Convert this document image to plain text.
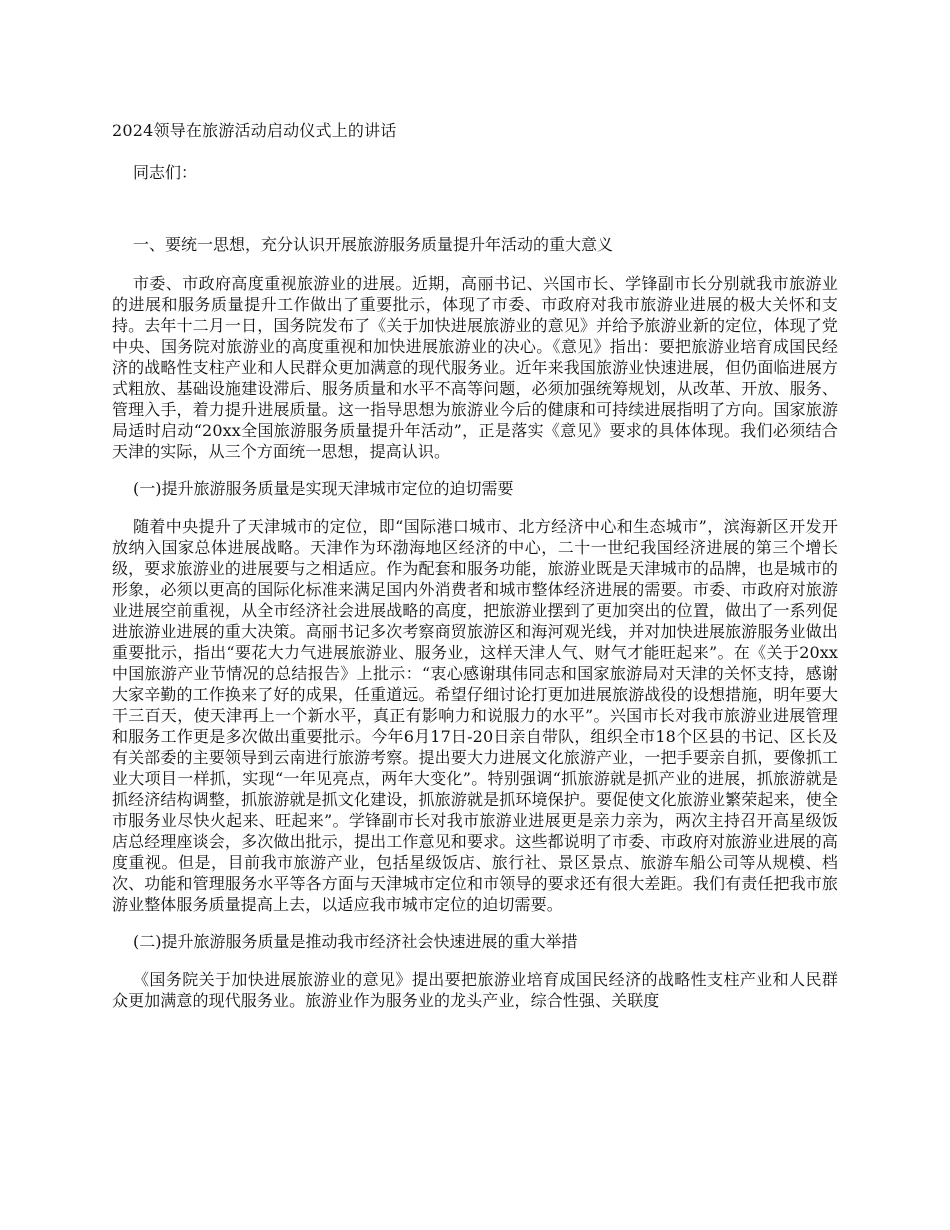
2024领导在旅游活动启动仪式上的讲话

同志们：

一、要统一思想，充分认识开展旅游服务质量提升年活动的重大意义

市委、市政府高度重视旅游业的进展。近期，高丽书记、兴国市长、学锋副市长分别就我市旅游业的进展和服务质量提升工作做出了重要批示，体现了市委、市政府对我市旅游业进展的极大关怀和支持。去年十二月一日，国务院发布了《关于加快进展旅游业的意见》并给予旅游业新的定位，体现了党中央、国务院对旅游业的高度重视和加快进展旅游业的决心。《意见》指出：要把旅游业培育成国民经济的战略性支柱产业和人民群众更加满意的现代服务业。近年来我国旅游业快速进展，但仍面临进展方式粗放、基础设施建设滞后、服务质量和水平不高等问题，必须加强统筹规划，从改革、开放、服务、管理入手，着力提升进展质量。这一指导思想为旅游业今后的健康和可持续进展指明了方向。国家旅游局适时启动“20xx全国旅游服务质量提升年活动”，正是落实《意见》要求的具体体现。我们必须结合天津的实际，从三个方面统一思想，提高认识。

(一)提升旅游服务质量是实现天津城市定位的迫切需要

随着中央提升了天津城市的定位，即“国际港口城市、北方经济中心和生态城市”，滨海新区开发开放纳入国家总体进展战略。天津作为环渤海地区经济的中心，二十一世纪我国经济进展的第三个增长级，要求旅游业的进展要与之相适应。作为配套和服务功能，旅游业既是天津城市的品牌，也是城市的形象，必须以更高的国际化标准来满足国内外消费者和城市整体经济进展的需要。市委、市政府对旅游业进展空前重视，从全市经济社会进展战略的高度，把旅游业摆到了更加突出的位置，做出了一系列促进旅游业进展的重大决策。高丽书记多次考察商贸旅游区和海河观光线，并对加快进展旅游服务业做出重要批示，指出“要花大力气进展旅游业、服务业，这样天津人气、财气才能旺起来”。在《关于20xx中国旅游产业节情况的总结报告》上批示：“衷心感谢琪伟同志和国家旅游局对天津的关怀支持，感谢大家辛勤的工作换来了好的成果，任重道远。希望仔细讨论打更加进展旅游战役的设想措施，明年要大干三百天，使天津再上一个新水平，真正有影响力和说服力的水平”。兴国市长对我市旅游业进展管理和服务工作更是多次做出重要批示。今年6月17日-20日亲自带队，组织全市18个区县的书记、区长及有关部委的主要领导到云南进行旅游考察。提出要大力进展文化旅游产业，一把手要亲自抓，要像抓工业大项目一样抓，实现“一年见亮点，两年大变化”。特别强调“抓旅游就是抓产业的进展，抓旅游就是抓经济结构调整，抓旅游就是抓文化建设，抓旅游就是抓环境保护。要促使文化旅游业繁荣起来，使全市服务业尽快火起来、旺起来”。学锋副市长对我市旅游业进展更是亲力亲为，两次主持召开高星级饭店总经理座谈会，多次做出批示，提出工作意见和要求。这些都说明了市委、市政府对旅游业进展的高度重视。但是，目前我市旅游产业，包括星级饭店、旅行社、景区景点、旅游车船公司等从规模、档次、功能和管理服务水平等各方面与天津城市定位和市领导的要求还有很大差距。我们有责任把我市旅游业整体服务质量提高上去，以适应我市城市定位的迫切需要。

(二)提升旅游服务质量是推动我市经济社会快速进展的重大举措

《国务院关于加快进展旅游业的意见》提出要把旅游业培育成国民经济的战略性支柱产业和人民群众更加满意的现代服务业。旅游业作为服务业的龙头产业，综合性强、关联度
